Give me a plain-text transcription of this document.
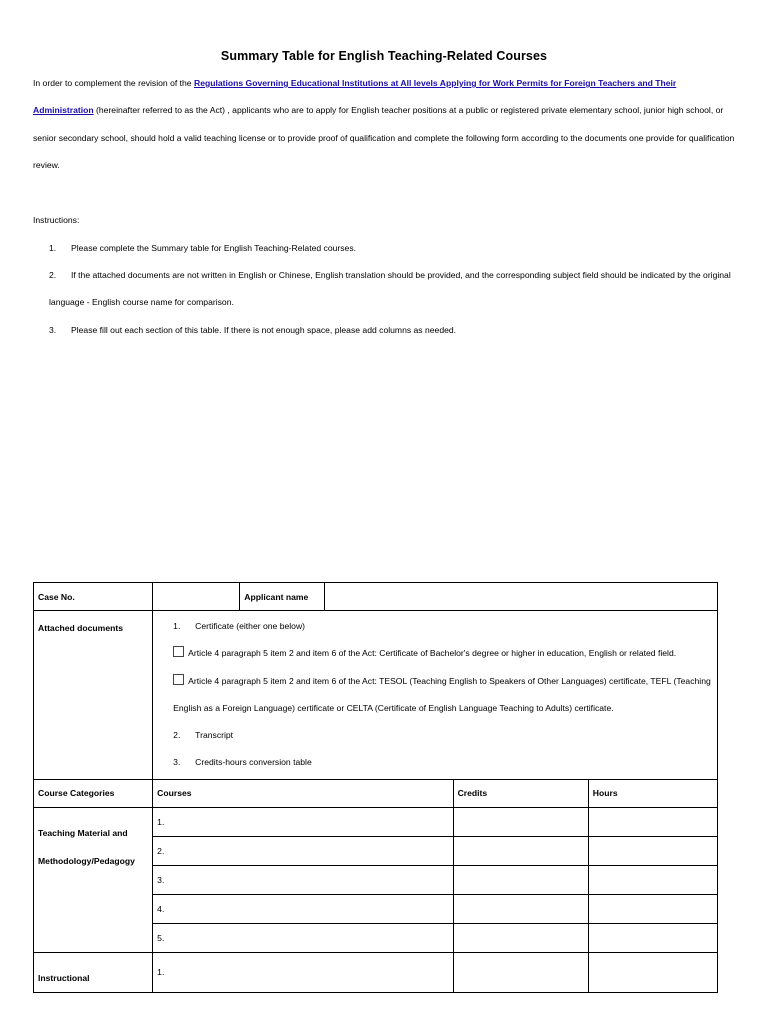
Summary Table for English Teaching-Related Courses
In order to complement the revision of the Regulations Governing Educational Institutions at All levels Applying for Work Permits for Foreign Teachers and Their Administration (hereinafter referred to as the Act) , applicants who are to apply for English teacher positions at a public or registered private elementary school, junior high school, or senior secondary school, should hold a valid teaching license or to provide proof of qualification and complete the following form according to the documents one provide for qualification review.
Instructions:
1. Please complete the Summary table for English Teaching-Related courses.
2. If the attached documents are not written in English or Chinese, English translation should be provided, and the corresponding subject field should be indicated by the original language - English course name for comparison.
3. Please fill out each section of this table. If there is not enough space, please add columns as needed.
Case No.		Applicant name		

Attached documents	1. Certificate (either one below)
Article 4 paragraph 5 item 2 and item 6 of the Act: Certificate of Bachelor's degree or higher in education, English or related field.
Article 4 paragraph 5 item 2 and item 6 of the Act: TESOL (Teaching English to Speakers of Other Languages) certificate, TEFL (Teaching English as a Foreign Language) certificate or CELTA (Certificate of English Language Teaching to Adults) certificate.
2. Transcript
3. Credits-hours conversion table			

Course Categories	Courses		Credits	Hours
Teaching Material and Methodology/Pedagogy	1.			
	2.			
	3.			
	4.			
	5.			
Instructional	1.			
